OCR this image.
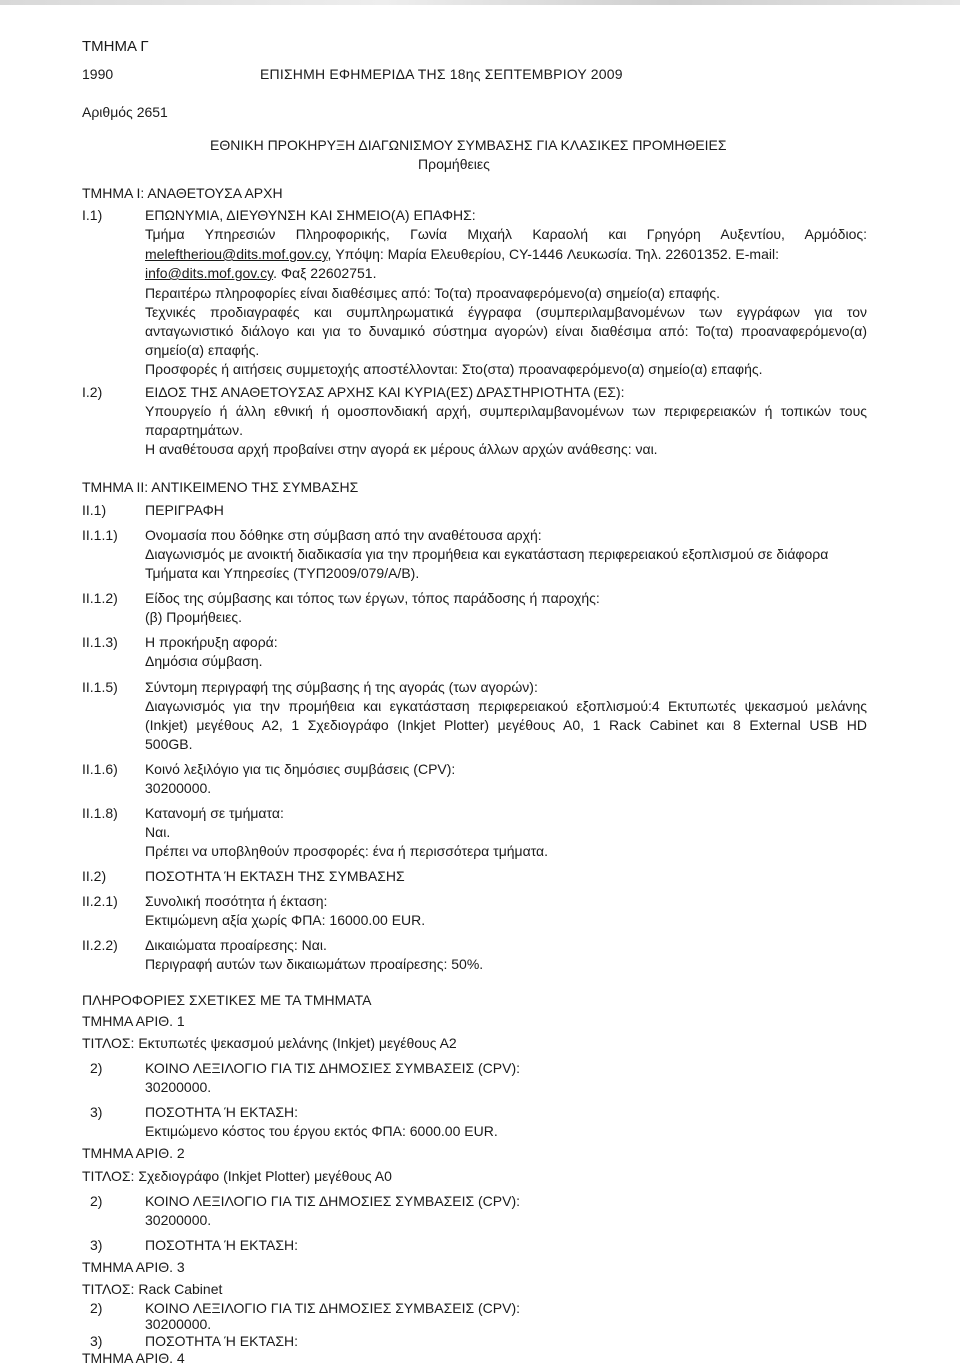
ΤΜΗΜΑ Γ
1990	ΕΠΙΣΗΜΗ ΕΦΗΜΕΡΙΔΑ ΤΗΣ 18ης ΣΕΠΤΕΜΒΡΙΟΥ 2009
Αριθμός 2651
ΕΘΝΙΚΗ ΠΡΟΚΗΡΥΞΗ ΔΙΑΓΩΝΙΣΜΟΥ ΣΥΜΒΑΣΗΣ ΓΙΑ ΚΛΑΣΙΚΕΣ ΠΡΟΜΗΘΕΙΕΣ
Προμήθειες
ΤΜΗΜΑ Ι: ΑΝΑΘΕΤΟΥΣΑ ΑΡΧΗ
Ι.1)	ΕΠΩΝΥΜΙΑ, ΔΙΕΥΘΥΝΣΗ ΚΑΙ ΣΗΜΕΙΟ(Α) ΕΠΑΦΗΣ:
Τμήμα Υπηρεσιών Πληροφορικής, Γωνία Μιχαήλ Καραολή και Γρηγόρη Αυξεντίου, Αρμόδιος:
meleftheriou@dits.mof.gov.cy, Υπόψη: Μαρία Ελευθερίου, CY-1446 Λευκωσία. Τηλ. 22601352. E-mail:
info@dits.mof.gov.cy. Φαξ 22602751.
Περαιτέρω πληροφορίες είναι διαθέσιμες από: Το(τα) προαναφερόμενο(α) σημείο(α) επαφής.
Τεχνικές προδιαγραφές και συμπληρωματικά έγγραφα (συμπεριλαμβανομένων των εγγράφων για τον
ανταγωνιστικό διάλογο και για το δυναμικό σύστημα αγορών) είναι διαθέσιμα από: Το(τα) προαναφερόμενο(α)
σημείο(α) επαφής.
Προσφορές ή αιτήσεις συμμετοχής αποστέλλονται: Στο(στα) προαναφερόμενο(α) σημείο(α) επαφής.
Ι.2)	ΕΙΔΟΣ ΤΗΣ ΑΝΑΘΕΤΟΥΣΑΣ ΑΡΧΗΣ ΚΑΙ ΚΥΡΙΑ(ΕΣ) ΔΡΑΣΤΗΡΙΟΤΗΤΑ (ΕΣ):
Υπουργείο ή άλλη εθνική ή ομοσπονδιακή αρχή, συμπεριλαμβανομένων των περιφερειακών ή τοπικών τους
παραρτημάτων.
Η αναθέτουσα αρχή προβαίνει στην αγορά εκ μέρους άλλων αρχών ανάθεσης: ναι.
ΤΜΗΜΑ ΙΙ: ΑΝΤΙΚΕΙΜΕΝΟ ΤΗΣ ΣΥΜΒΑΣΗΣ
ΙΙ.1)	ΠΕΡΙΓΡΑΦΗ
ΙΙ.1.1) Ονομασία που δόθηκε στη σύμβαση από την αναθέτουσα αρχή:
Διαγωνισμός με ανοικτή διαδικασία για την προμήθεια και εγκατάσταση περιφερειακού εξοπλισμού σε διάφορα
Τμήματα και Υπηρεσίες (ΤΥΠ2009/079/Α/Β).
ΙΙ.1.2) Είδος της σύμβασης και τόπος των έργων, τόπος παράδοσης ή παροχής:
(β) Προμήθειες.
ΙΙ.1.3) Η προκήρυξη αφορά:
Δημόσια σύμβαση.
ΙΙ.1.5) Σύντομη περιγραφή της σύμβασης ή της αγοράς (των αγορών):
Διαγωνισμός για την προμήθεια και εγκατάσταση περιφερειακού εξοπλισμού:4 Εκτυπωτές ψεκασμού μελάνης
(Inkjet) μεγέθους Α2, 1 Σχεδιογράφο (Inkjet Plotter) μεγέθους Α0, 1 Rack Cabinet και 8 External USB HD
500GB.
ΙΙ.1.6) Κοινό λεξιλόγιο για τις δημόσιες συμβάσεις (CPV):
30200000.
ΙΙ.1.8) Κατανομή σε τμήματα:
Ναι.
Πρέπει να υποβληθούν προσφορές: ένα ή περισσότερα τμήματα.
ΙΙ.2)	ΠΟΣΟΤΗΤΑ Ή ΕΚΤΑΣΗ ΤΗΣ ΣΥΜΒΑΣΗΣ
ΙΙ.2.1) Συνολική ποσότητα ή έκταση:
Εκτιμώμενη αξία χωρίς ΦΠΑ: 16000.00 EUR.
ΙΙ.2.2) Δικαιώματα προαίρεσης: Ναι.
Περιγραφή αυτών των δικαιωμάτων προαίρεσης: 50%.
ΠΛΗΡΟΦΟΡΙΕΣ ΣΧΕΤΙΚΕΣ ΜΕ ΤΑ ΤΜΗΜΑΤΑ
ΤΜΗΜΑ ΑΡΙΘ. 1
ΤΙΤΛΟΣ: Εκτυπωτές ψεκασμού μελάνης (Inkjet) μεγέθους Α2
2)	ΚΟΙΝΟ ΛΕΞΙΛΟΓΙΟ ΓΙΑ ΤΙΣ ΔΗΜΟΣΙΕΣ ΣΥΜΒΑΣΕΙΣ (CPV):
30200000.
3)	ΠΟΣΟΤΗΤΑ Ή ΕΚΤΑΣΗ:
Εκτιμώμενο κόστος του έργου εκτός ΦΠΑ: 6000.00 EUR.
ΤΜΗΜΑ ΑΡΙΘ. 2
ΤΙΤΛΟΣ: Σχεδιογράφο (Inkjet Plotter) μεγέθους Α0
2)	ΚΟΙΝΟ ΛΕΞΙΛΟΓΙΟ ΓΙΑ ΤΙΣ ΔΗΜΟΣΙΕΣ ΣΥΜΒΑΣΕΙΣ (CPV):
30200000.
3)	ΠΟΣΟΤΗΤΑ Ή ΕΚΤΑΣΗ:
ΤΜΗΜΑ ΑΡΙΘ. 3
ΤΙΤΛΟΣ: Rack Cabinet
2)	ΚΟΙΝΟ ΛΕΞΙΛΟΓΙΟ ΓΙΑ ΤΙΣ ΔΗΜΟΣΙΕΣ ΣΥΜΒΑΣΕΙΣ (CPV):
30200000.
3)	ΠΟΣΟΤΗΤΑ Ή ΕΚΤΑΣΗ:
ΤΜΗΜΑ ΑΡΙΘ. 4
